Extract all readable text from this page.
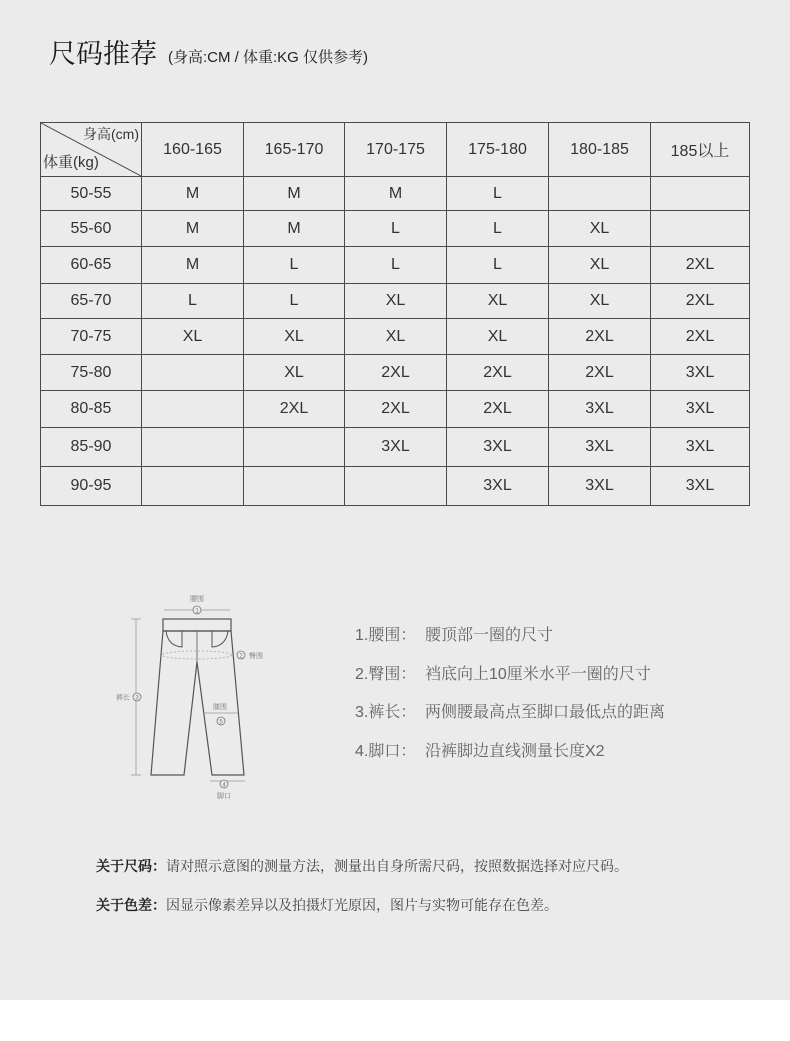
尺码推荐 (身高:CM / 体重:KG 仅供参考)
身高(cm)
体重(kg)	160-165	165-170	170-175	175-180	180-185	185以上
50-55	M	M	M	L		
55-60	M	M	L	L	XL	
60-65	M	L	L	L	XL	2XL
65-70	L	L	XL	XL	XL	2XL
70-75	XL	XL	XL	XL	2XL	2XL
75-80		XL	2XL	2XL	2XL	3XL
80-85		2XL	2XL	2XL	3XL	3XL
85-90			3XL	3XL	3XL	3XL
90-95				3XL	3XL	3XL
腰围
1
2 臀围
3
裤长
膝围
5
4
脚口
1.腰围： 腰顶部一圈的尺寸
2.臀围： 裆底向上10厘米水平一圈的尺寸
3.裤长： 两侧腰最高点至脚口最低点的距离
4.脚口： 沿裤脚边直线测量长度X2
关于尺码：请对照示意图的测量方法，测量出自身所需尺码，按照数据选择对应尺码。
关于色差：因显示像素差异以及拍摄灯光原因，图片与实物可能存在色差。
